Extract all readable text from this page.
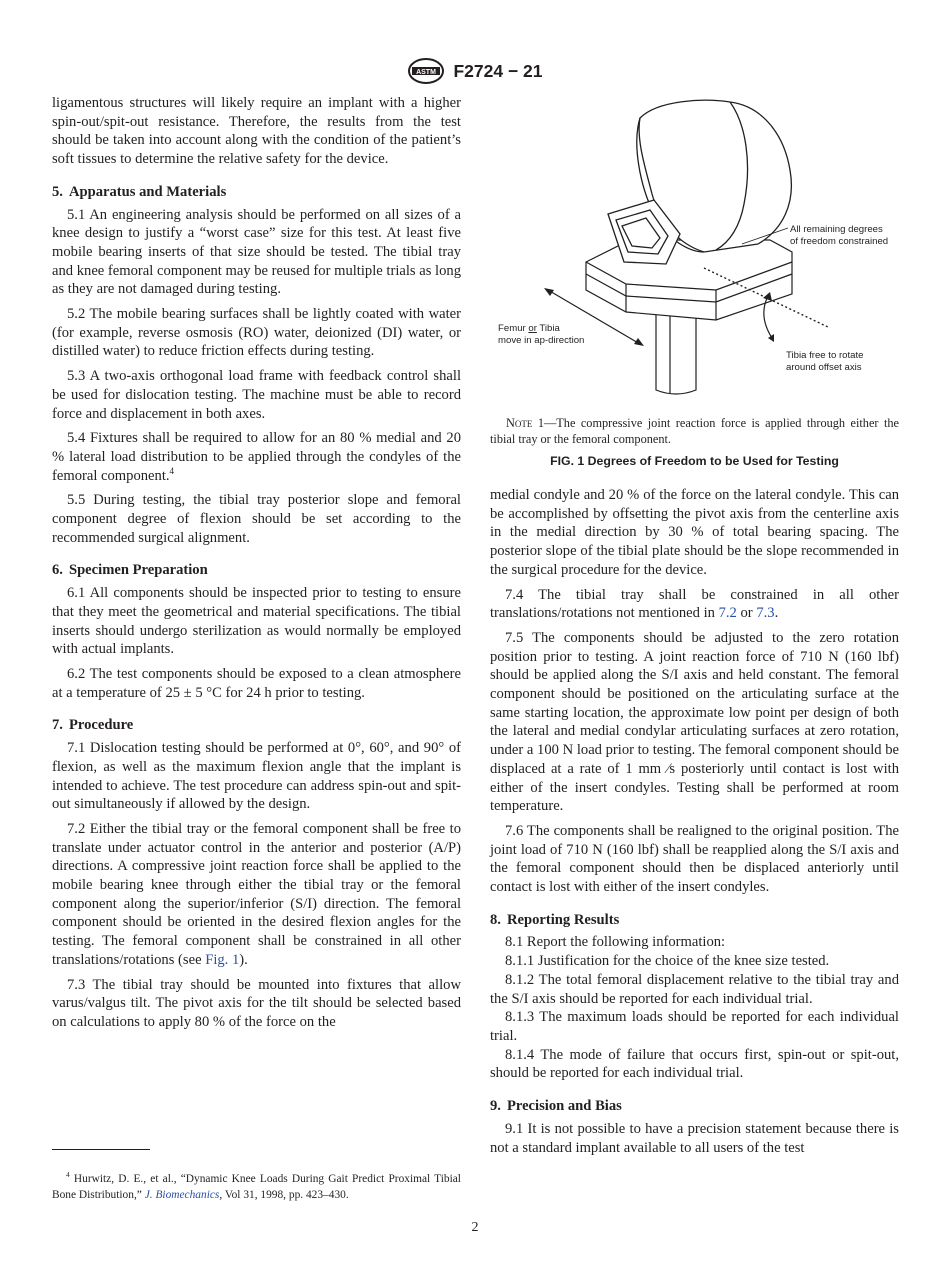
ASTM F2724 − 21

ligamentous structures will likely require an implant with a higher spin-out/spit-out resistance. Therefore, the results from the test should be taken into account along with the condition of the patient’s soft tissues to determine the relative safety for the device.

5. Apparatus and Materials

5.1 An engineering analysis should be performed on all sizes of a knee design to justify a “worst case” size for this test. At least five mobile bearing inserts of that size should be tested. The tibial tray and knee femoral component may be reused for multiple trials as long as they are not damaged during testing.

5.2 The mobile bearing surfaces shall be lightly coated with water (for example, reverse osmosis (RO) water, deionized (DI) water, or distilled water) to reduce friction effects during testing.

5.3 A two-axis orthogonal load frame with feedback control shall be used for dislocation testing. The machine must be able to record force and displacement in both axes.

5.4 Fixtures shall be required to allow for an 80 % medial and 20 % lateral load distribution to be applied through the condyles of the femoral component.$^4$

5.5 During testing, the tibial tray posterior slope and femoral component degree of flexion should be set according to the recommended surgical alignment.

6. Specimen Preparation

6.1 All components should be inspected prior to testing to ensure that they meet the geometrical and material specifications. The tibial inserts should undergo sterilization as would normally be employed with actual implants.

6.2 The test components should be exposed to a clean atmosphere at a temperature of 25 ± 5 °C for 24 h prior to testing.

7. Procedure

7.1 Dislocation testing should be performed at 0°, 60°, and 90° of flexion, as well as the maximum flexion angle that the implant is intended to achieve. The test procedure can address spin-out and spit-out simultaneously if allowed by the design.

7.2 Either the tibial tray or the femoral component shall be free to translate under actuator control in the anterior and posterior (A/P) directions. A compressive joint reaction force shall be applied to the mobile bearing knee through either the tibial tray or the femoral component along the superior/inferior (S/I) direction. The femoral component should be oriented in the desired flexion angles for the testing. The femoral component shall be constrained in all other translations/rotations (see Fig. 1).

7.3 The tibial tray should be mounted into fixtures that allow varus/valgus tilt. The pivot axis for the tilt should be selected based on calculations to apply 80 % of the force on the

All remaining degrees
of freedom constrained
Femur or Tibia
move in ap-direction
Tibia free to rotate
around offset axis

Note 1—The compressive joint reaction force is applied through either the tibial tray or the femoral component.

FIG. 1 Degrees of Freedom to be Used for Testing

medial condyle and 20 % of the force on the lateral condyle. This can be accomplished by offsetting the pivot axis from the centerline axis in the medial direction by 30 % of total bearing spacing. The posterior slope of the tibial plate should be the slope recommended in the surgical procedure for the device.

7.4 The tibial tray shall be constrained in all other translations/rotations not mentioned in 7.2 or 7.3.

7.5 The components should be adjusted to the zero rotation position prior to testing. A joint reaction force of 710 N (160 lbf) should be applied along the S/I axis and held constant. The femoral component should be positioned on the articulating surface at the same starting location, the approximate low point per design of both the lateral and medial condylar articulating surfaces at zero rotation, under a 100 N load prior to testing. The femoral component should be displaced at a rate of 1 mm ⁄s posteriorly until contact is lost with either of the insert condyles. Testing shall be performed at room temperature.

7.6 The components shall be realigned to the original position. The joint load of 710 N (160 lbf) shall be reapplied along the S/I axis and the femoral component should then be displaced anteriorly until contact is lost with either of the insert condyles.

8. Reporting Results

8.1 Report the following information:

8.1.1 Justification for the choice of the knee size tested.

8.1.2 The total femoral displacement relative to the tibial tray and the S/I axis should be reported for each individual trial.

8.1.3 The maximum loads should be reported for each individual trial.

8.1.4 The mode of failure that occurs first, spin-out or spit-out, should be reported for each individual trial.

9. Precision and Bias

9.1 It is not possible to have a precision statement because there is not a standard implant available to all users of the test

$^4$ Hurwitz, D. E., et al., “Dynamic Knee Loads During Gait Predict Proximal Tibial Bone Distribution,” J. Biomechanics, Vol 31, 1998, pp. 423–430.

2
